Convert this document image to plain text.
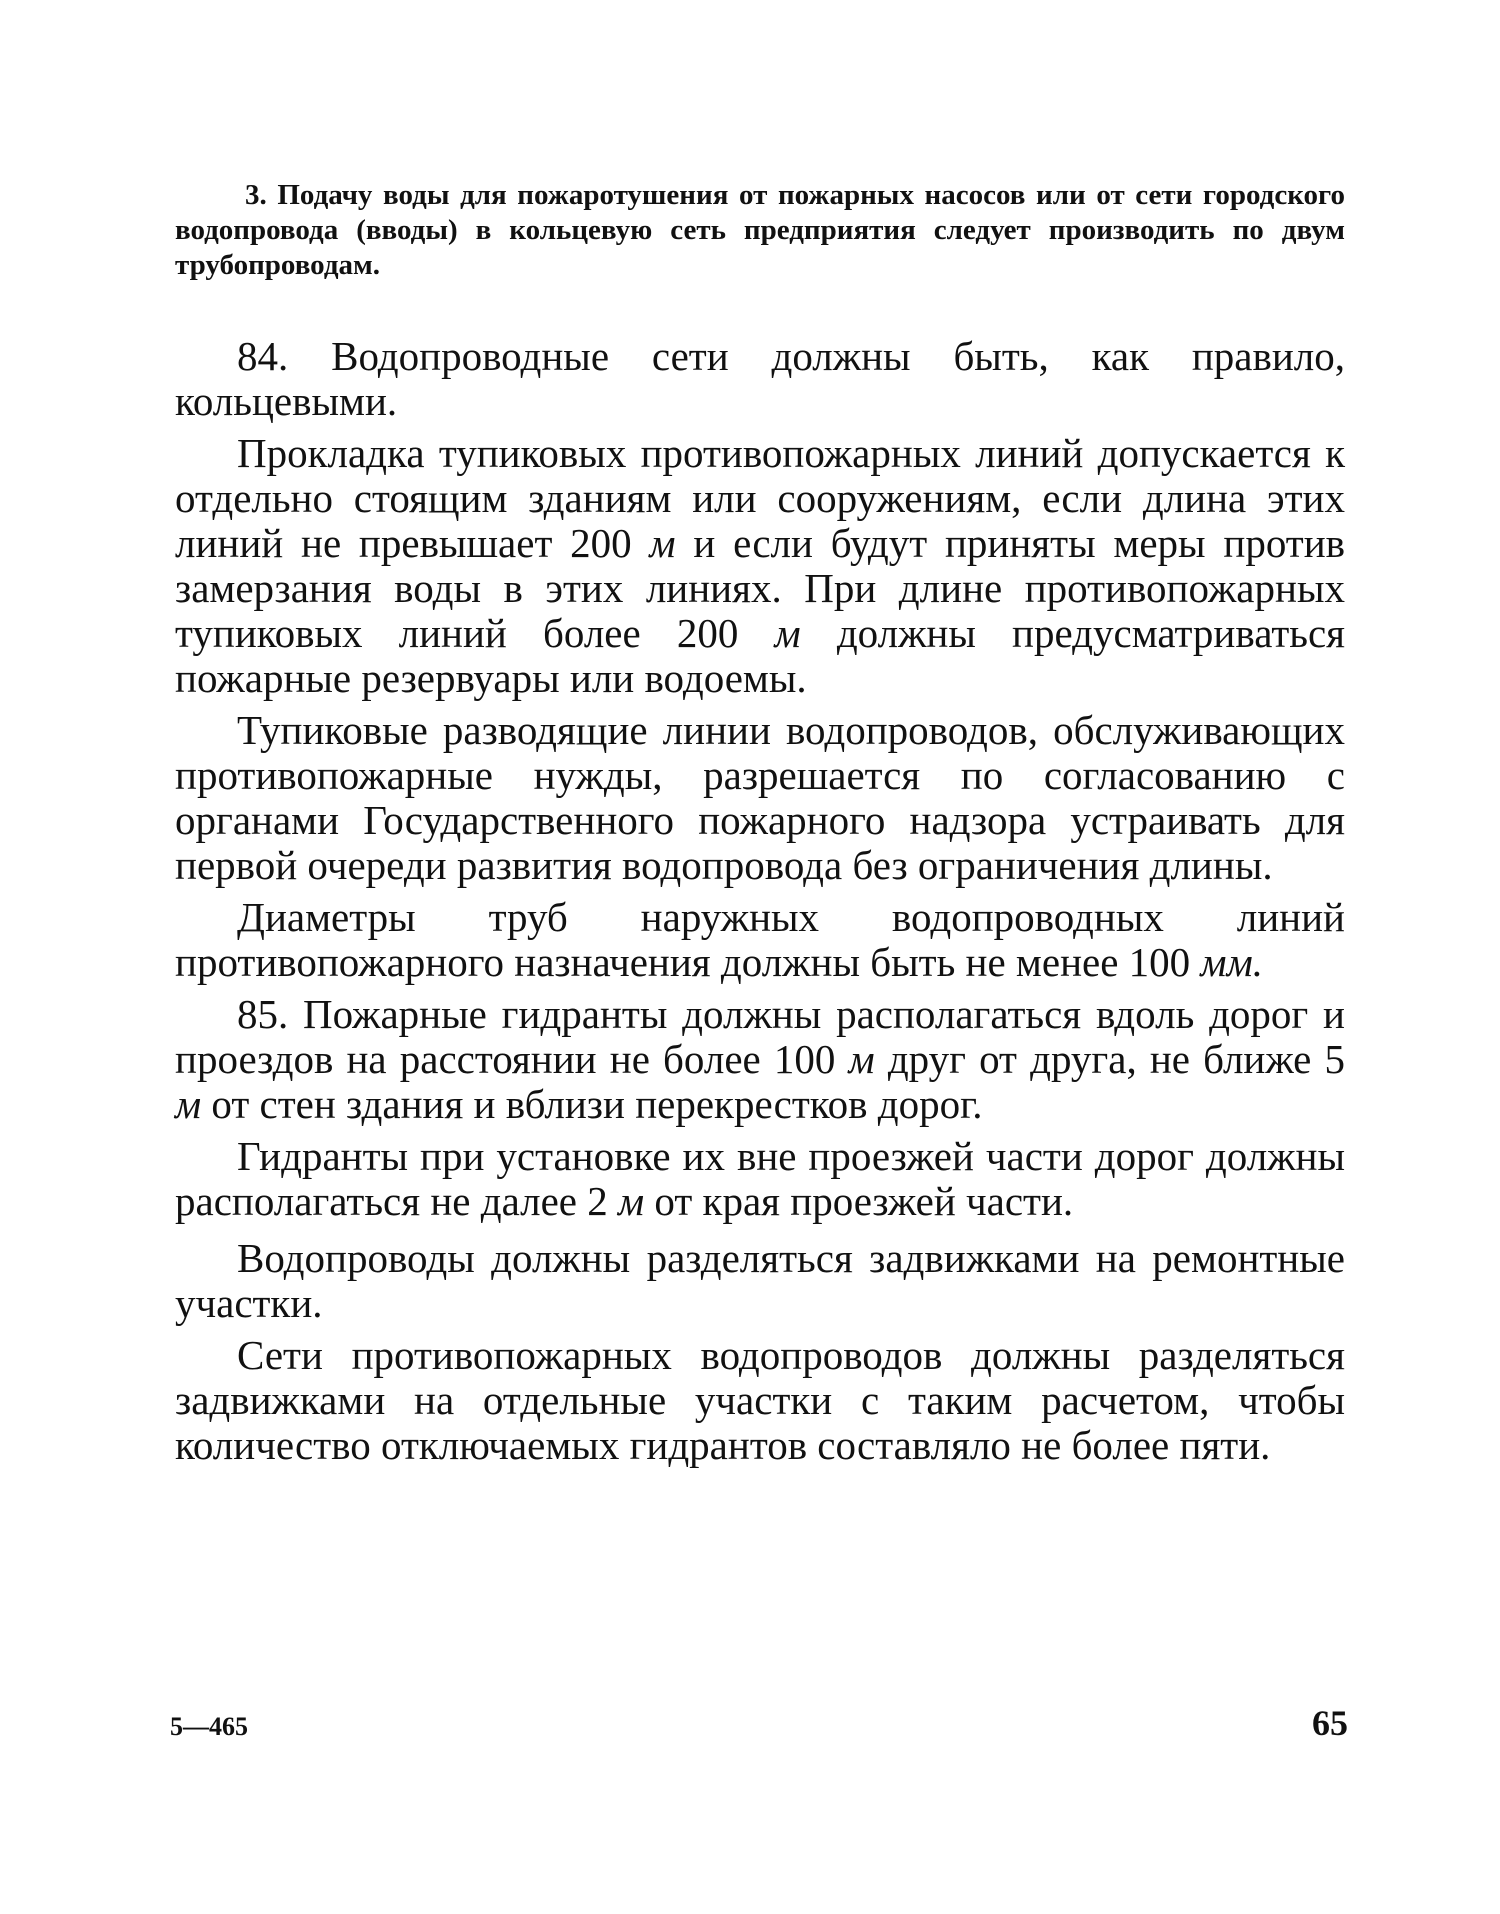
3. Подачу воды для пожаротушения от пожарных насосов или от сети городского водопровода (вводы) в кольцевую сеть предприятия следует производить по двум трубопроводам.

84. Водопроводные сети должны быть, как правило, кольцевыми.

Прокладка тупиковых противопожарных линий допускается к отдельно стоящим зданиям или сооружениям, если длина этих линий не превышает 200 м и если будут приняты меры против замерзания воды в этих линиях. При длине противопожарных тупиковых линий более 200 м должны предусматриваться пожарные резервуары или водоемы.

Тупиковые разводящие линии водопроводов, обслуживающих противопожарные нужды, разрешается по согласованию с органами Государственного пожарного надзора устраивать для первой очереди развития водопровода без ограничения длины.

Диаметры труб наружных водопроводных линий противопожарного назначения должны быть не менее 100 мм.

85. Пожарные гидранты должны располагаться вдоль дорог и проездов на расстоянии не более 100 м друг от друга, не ближе 5 м от стен здания и вблизи перекрестков дорог.

Гидранты при установке их вне проезжей части дорог должны располагаться не далее 2 м от края проезжей части.

Водопроводы должны разделяться задвижками на ремонтные участки.

Сети противопожарных водопроводов должны разделяться задвижками на отдельные участки с таким расчетом, чтобы количество отключаемых гидрантов составляло не более пяти.

5—465	65
